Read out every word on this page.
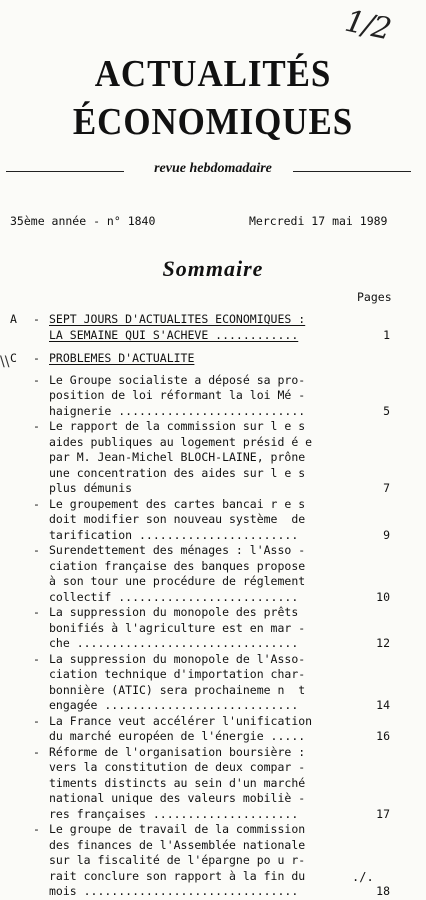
1/2
ACTUALITÉS
ÉCONOMIQUES
revue hebdomadaire
35ème année - n° 1840	Mercredi 17 mai 1989
Sommaire
Pages
\\
A - SEPT JOURS D'ACTUALITES ECONOMIQUES :
LA SEMAINE QUI S'ACHEVE ............	1
C - PROBLEMES D'ACTUALITE
- Le Groupe socialiste a déposé sa pro-
position de loi réformant la loi Mé -
haignerie ...........................	5
- Le rapport de la commission sur l e s
aides publiques au logement présid é e
par M. Jean-Michel BLOCH-LAINE, prône
une concentration des aides sur l e s
plus démunis	7
- Le groupement des cartes bancai r e s
doit modifier son nouveau système  de
tarification .......................	9
- Surendettement des ménages : l'Asso -
ciation française des banques propose
à son tour une procédure de réglement
collectif ..........................	10
- La suppression du monopole des prêts
bonifiés à l'agriculture est en mar -
che ................................	12
- La suppression du monopole de l'Asso-
ciation technique d'importation char-
bonnière (ATIC) sera prochaineme n  t
engagée ............................	14
- La France veut accélérer l'unification
du marché européen de l'énergie .....	16
- Réforme de l'organisation boursière :
vers la constitution de deux compar -
timents distincts au sein d'un marché
national unique des valeurs mobiliè -
res françaises .....................	17
- Le groupe de travail de la commission
des finances de l'Assemblée nationale
sur la fiscalité de l'épargne po u r-
rait conclure son rapport à la fin du
mois ...............................	18
./.
